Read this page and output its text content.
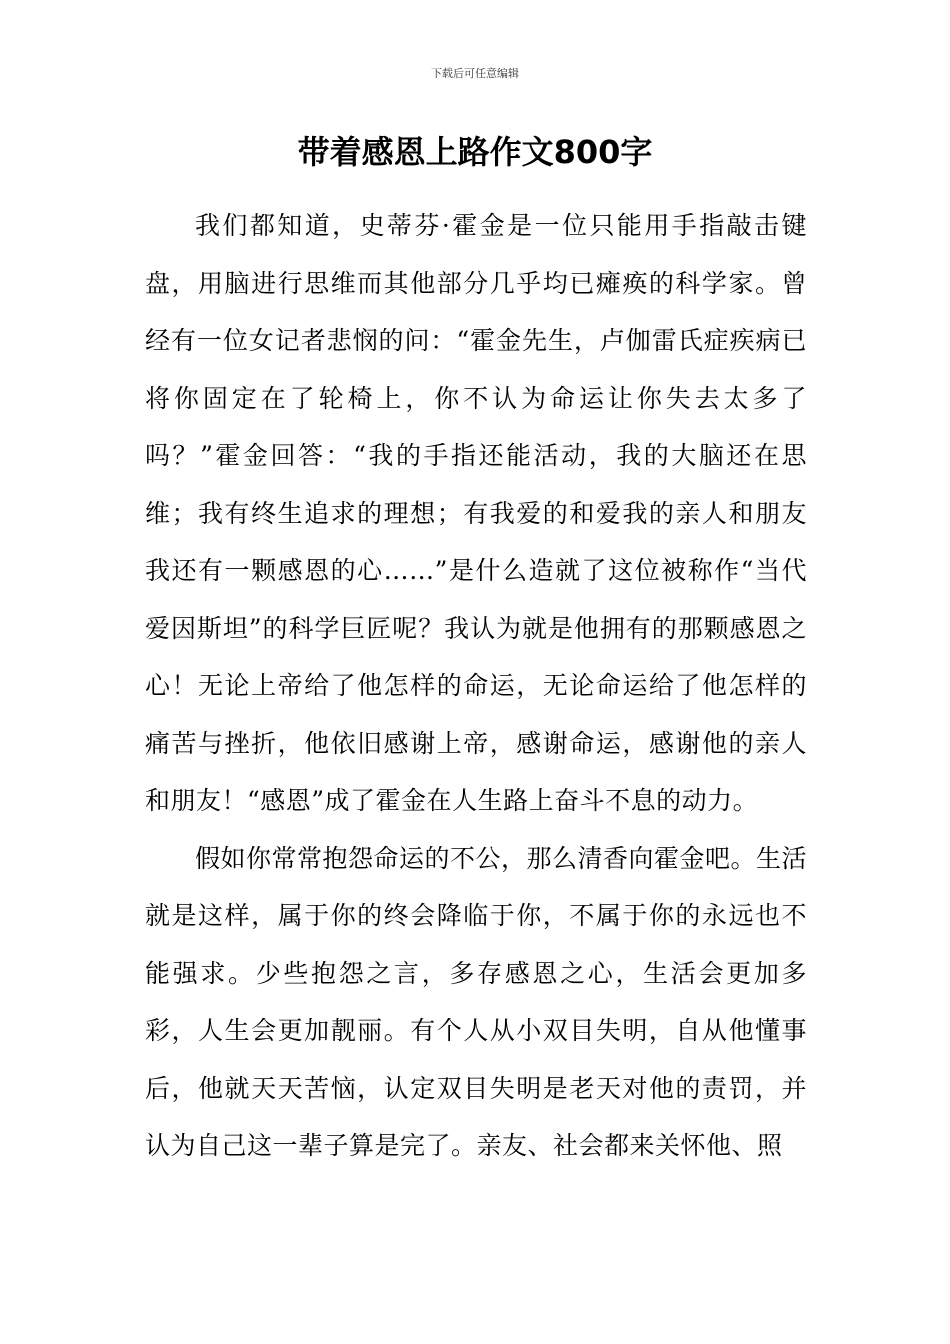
下载后可任意编辑
带着感恩上路作文800字

我们都知道，史蒂芬·霍金是一位只能用手指敲击键盘，用脑进行思维而其他部分几乎均已瘫痪的科学家。曾经有一位女记者悲悯的问：“霍金先生，卢伽雷氏症疾病已将你固定在了轮椅上，你不认为命运让你失去太多了吗？”霍金回答：“我的手指还能活动，我的大脑还在思维；我有终生追求的理想；有我爱的和爱我的亲人和朋友我还有一颗感恩的心……”是什么造就了这位被称作“当代爱因斯坦”的科学巨匠呢？我认为就是他拥有的那颗感恩之心！无论上帝给了他怎样的命运，无论命运给了他怎样的痛苦与挫折，他依旧感谢上帝，感谢命运，感谢他的亲人和朋友！“感恩”成了霍金在人生路上奋斗不息的动力。

假如你常常抱怨命运的不公，那么清香向霍金吧。生活就是这样，属于你的终会降临于你，不属于你的永远也不能强求。少些抱怨之言，多存感恩之心，生活会更加多彩，人生会更加靓丽。有个人从小双目失明，自从他懂事后，他就天天苦恼，认定双目失明是老天对他的责罚，并认为自己这一辈子算是完了。亲友、社会都来关怀他、照
